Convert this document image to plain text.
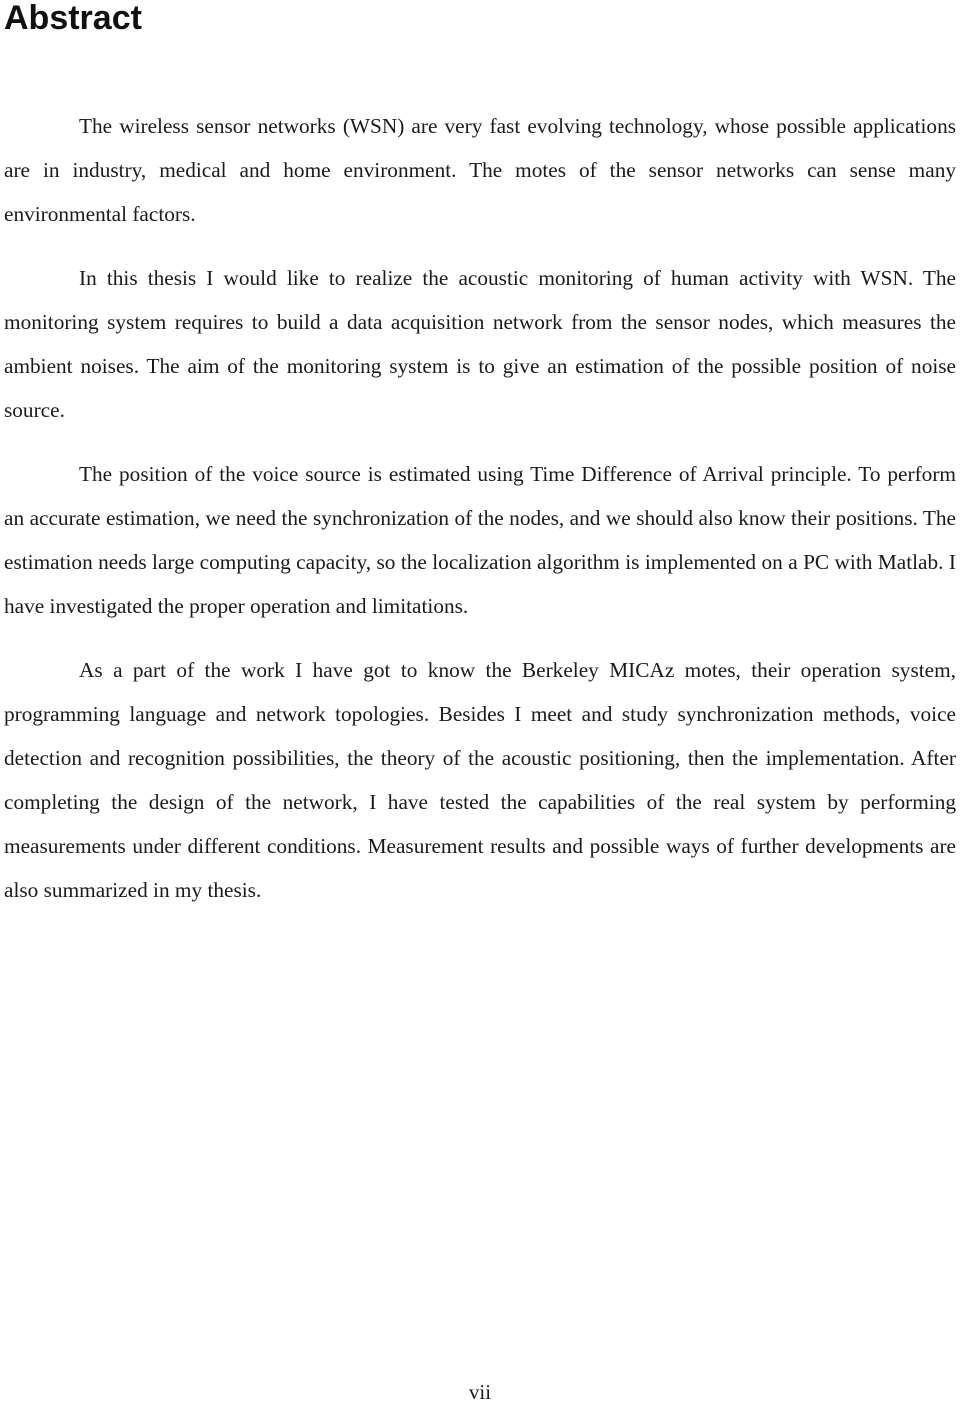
Abstract

The wireless sensor networks (WSN) are very fast evolving technology, whose possible applications are in industry, medical and home environment. The motes of the sensor networks can sense many environmental factors.

In this thesis I would like to realize the acoustic monitoring of human activity with WSN. The monitoring system requires to build a data acquisition network from the sensor nodes, which measures the ambient noises. The aim of the monitoring system is to give an estimation of the possible position of noise source.

The position of the voice source is estimated using Time Difference of Arrival principle. To perform an accurate estimation, we need the synchronization of the nodes, and we should also know their positions. The estimation needs large computing capacity, so the localization algorithm is implemented on a PC with Matlab. I have investigated the proper operation and limitations.

As a part of the work I have got to know the Berkeley MICAz motes, their operation system, programming language and network topologies. Besides I meet and study synchronization methods, voice detection and recognition possibilities, the theory of the acoustic positioning, then the implementation. After completing the design of the network, I have tested the capabilities of the real system by performing measurements under different conditions. Measurement results and possible ways of further developments are also summarized in my thesis.

vii
